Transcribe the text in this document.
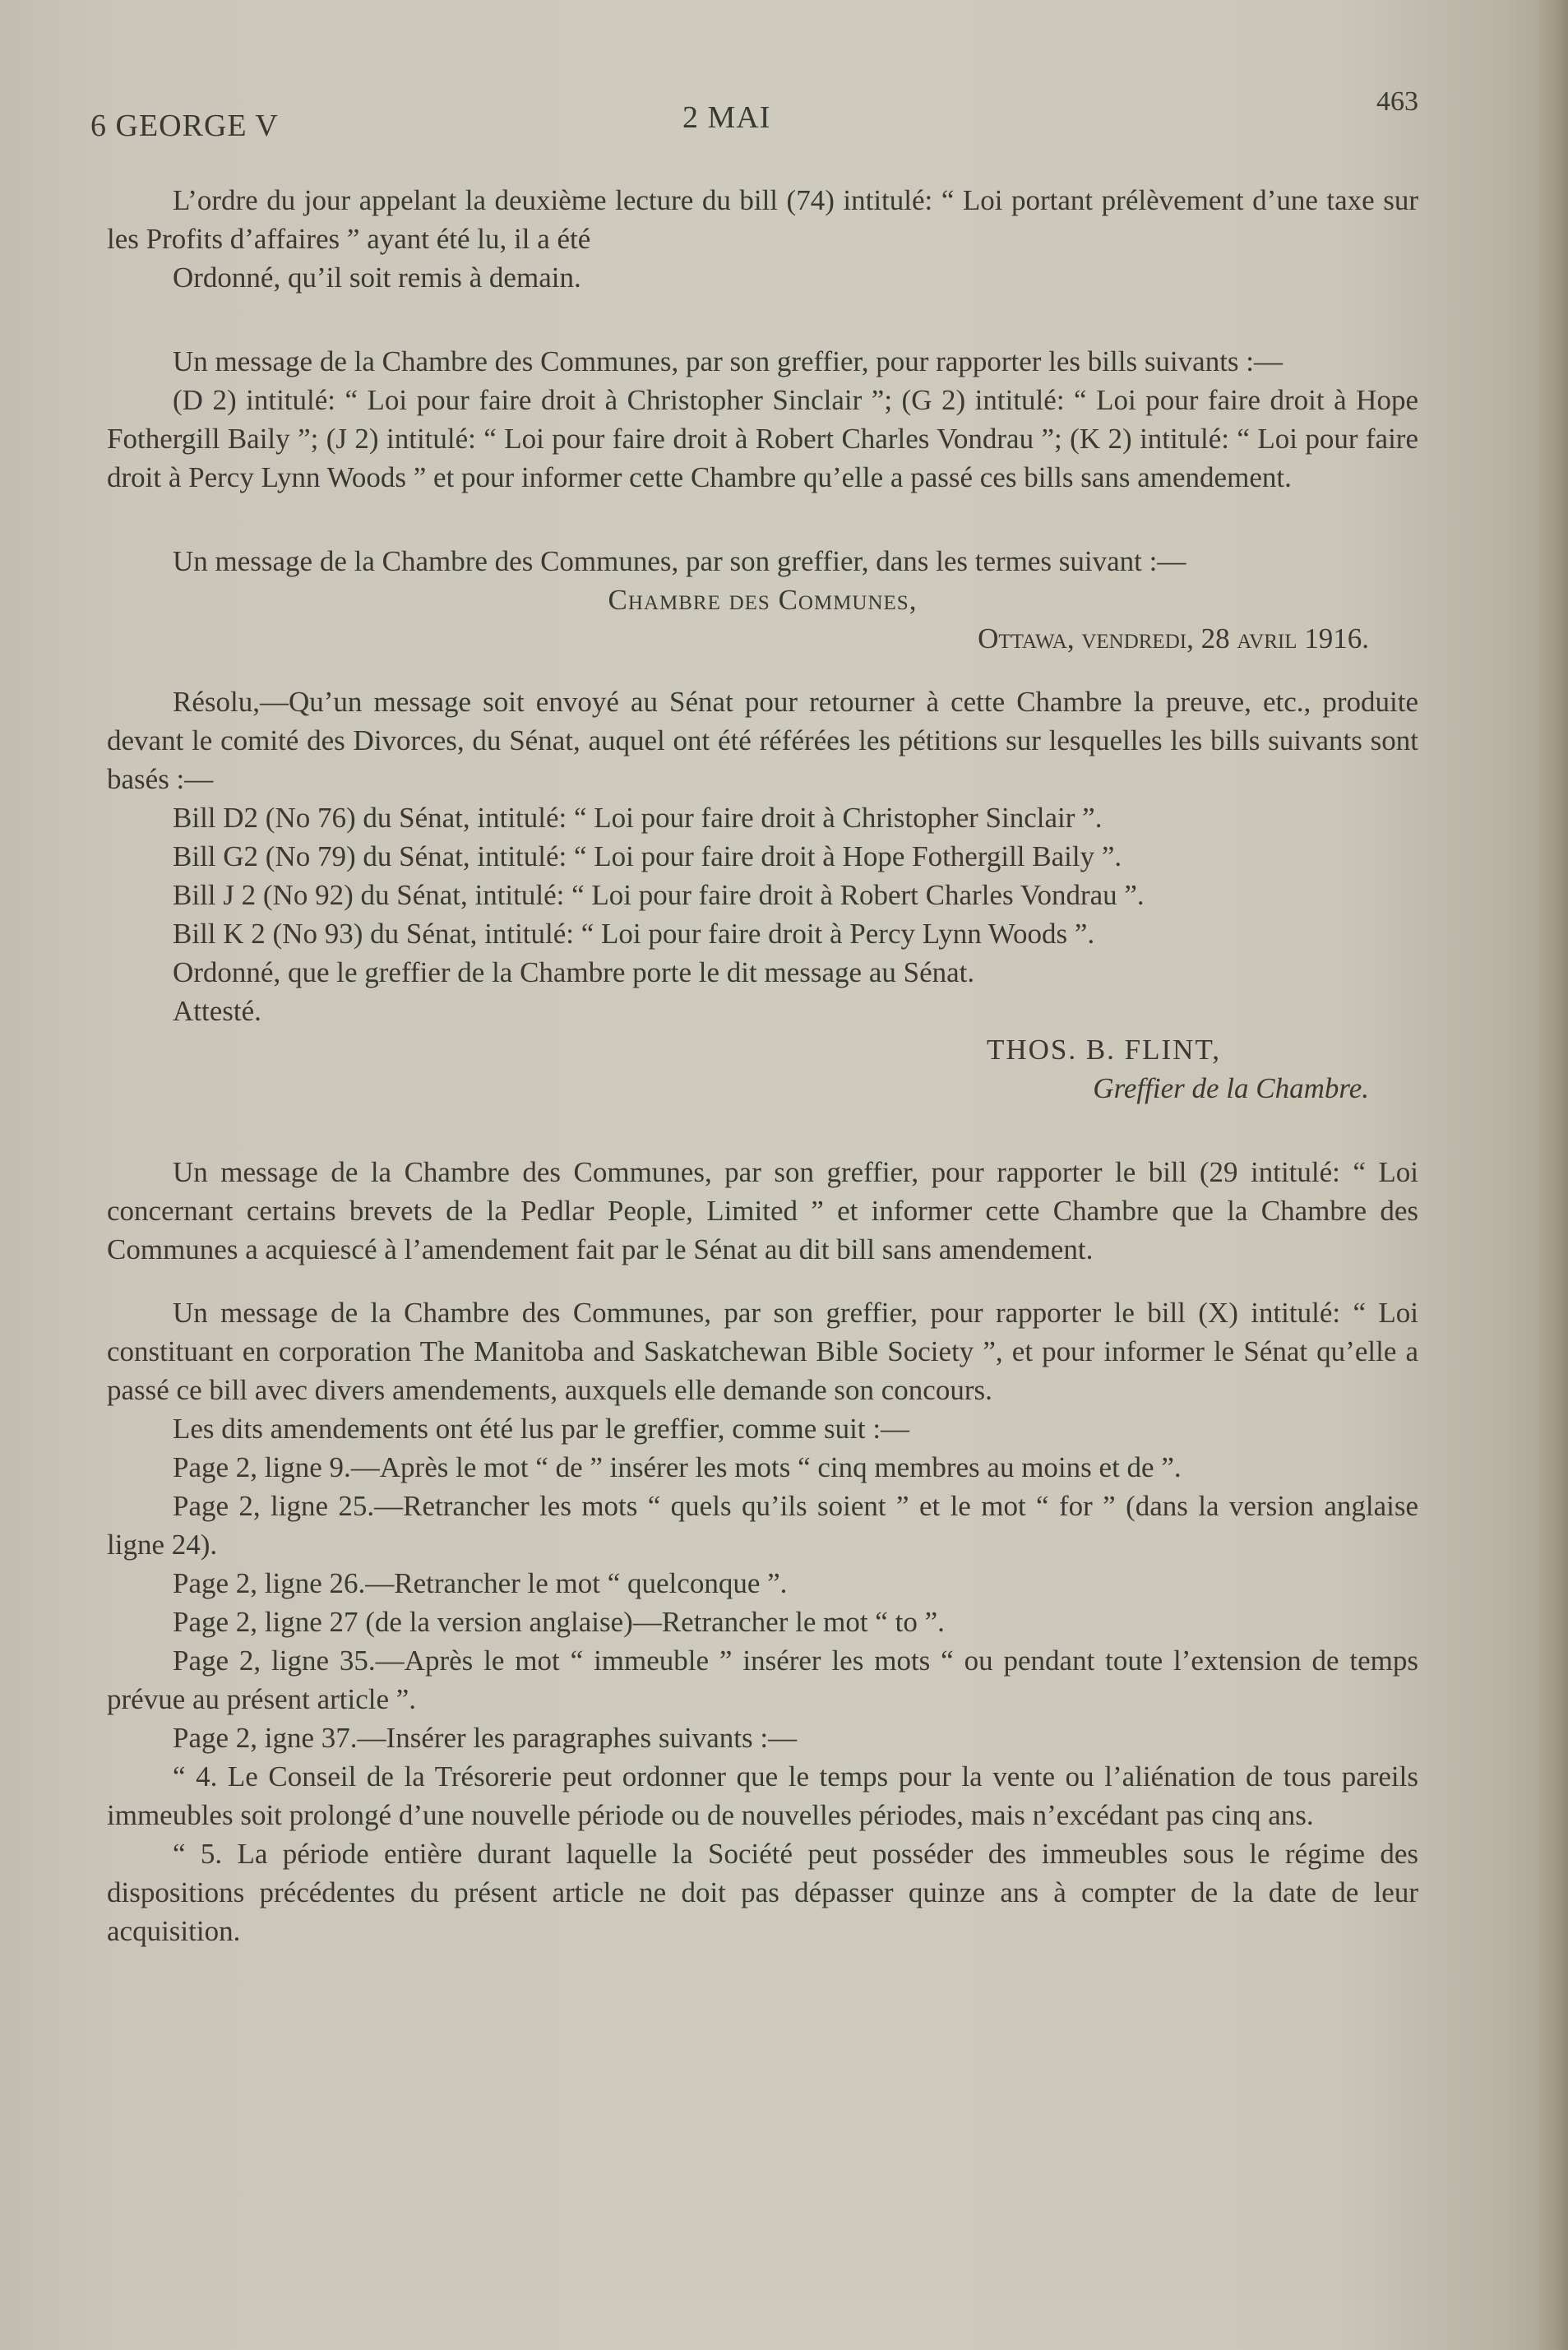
6 GEORGE V	2 MAI	463

L’ordre du jour appelant la deuxième lecture du bill (74) intitulé: “ Loi portant prélèvement d’une taxe sur les Profits d’affaires ” ayant été lu, il a été

Ordonné, qu’il soit remis à demain.

Un message de la Chambre des Communes, par son greffier, pour rapporter les bills suivants :—

(D 2) intitulé: “ Loi pour faire droit à Christopher Sinclair ”; (G 2) intitulé: “ Loi pour faire droit à Hope Fothergill Baily ”; (J 2) intitulé: “ Loi pour faire droit à Robert Charles Vondrau ”; (K 2) intitulé: “ Loi pour faire droit à Percy Lynn Woods ” et pour informer cette Chambre qu’elle a passé ces bills sans amendement.

Un message de la Chambre des Communes, par son greffier, dans les termes suivant :—

Chambre des Communes,

Ottawa, vendredi, 28 avril 1916.

Résolu,—Qu’un message soit envoyé au Sénat pour retourner à cette Chambre la preuve, etc., produite devant le comité des Divorces, du Sénat, auquel ont été référées les pétitions sur lesquelles les bills suivants sont basés :—

Bill D2 (No 76) du Sénat, intitulé: “ Loi pour faire droit à Christopher Sinclair ”.

Bill G2 (No 79) du Sénat, intitulé: “ Loi pour faire droit à Hope Fothergill Baily ”.

Bill J 2 (No 92) du Sénat, intitulé: “ Loi pour faire droit à Robert Charles Vondrau ”.

Bill K 2 (No 93) du Sénat, intitulé: “ Loi pour faire droit à Percy Lynn Woods ”.

Ordonné, que le greffier de la Chambre porte le dit message au Sénat.

Attesté.

THOS. B. FLINT,

Greffier de la Chambre.

Un message de la Chambre des Communes, par son greffier, pour rapporter le bill (29 intitulé: “ Loi concernant certains brevets de la Pedlar People, Limited ” et informer cette Chambre que la Chambre des Communes a acquiescé à l’amendement fait par le Sénat au dit bill sans amendement.

Un message de la Chambre des Communes, par son greffier, pour rapporter le bill (X) intitulé: “ Loi constituant en corporation The Manitoba and Saskatchewan Bible Society ”, et pour informer le Sénat qu’elle a passé ce bill avec divers amendements, auxquels elle demande son concours.

Les dits amendements ont été lus par le greffier, comme suit :—

Page 2, ligne 9.—Après le mot “ de ” insérer les mots “ cinq membres au moins et de ”.

Page 2, ligne 25.—Retrancher les mots “ quels qu’ils soient ” et le mot “ for ” (dans la version anglaise ligne 24).

Page 2, ligne 26.—Retrancher le mot “ quelconque ”.

Page 2, ligne 27 (de la version anglaise)—Retrancher le mot “ to ”.

Page 2, ligne 35.—Après le mot “ immeuble ” insérer les mots “ ou pendant toute l’extension de temps prévue au présent article ”.

Page 2, igne 37.—Insérer les paragraphes suivants :—

“ 4. Le Conseil de la Trésorerie peut ordonner que le temps pour la vente ou l’aliénation de tous pareils immeubles soit prolongé d’une nouvelle période ou de nouvelles périodes, mais n’excédant pas cinq ans.

“ 5. La période entière durant laquelle la Société peut posséder des immeubles sous le régime des dispositions précédentes du présent article ne doit pas dépasser quinze ans à compter de la date de leur acquisition.
